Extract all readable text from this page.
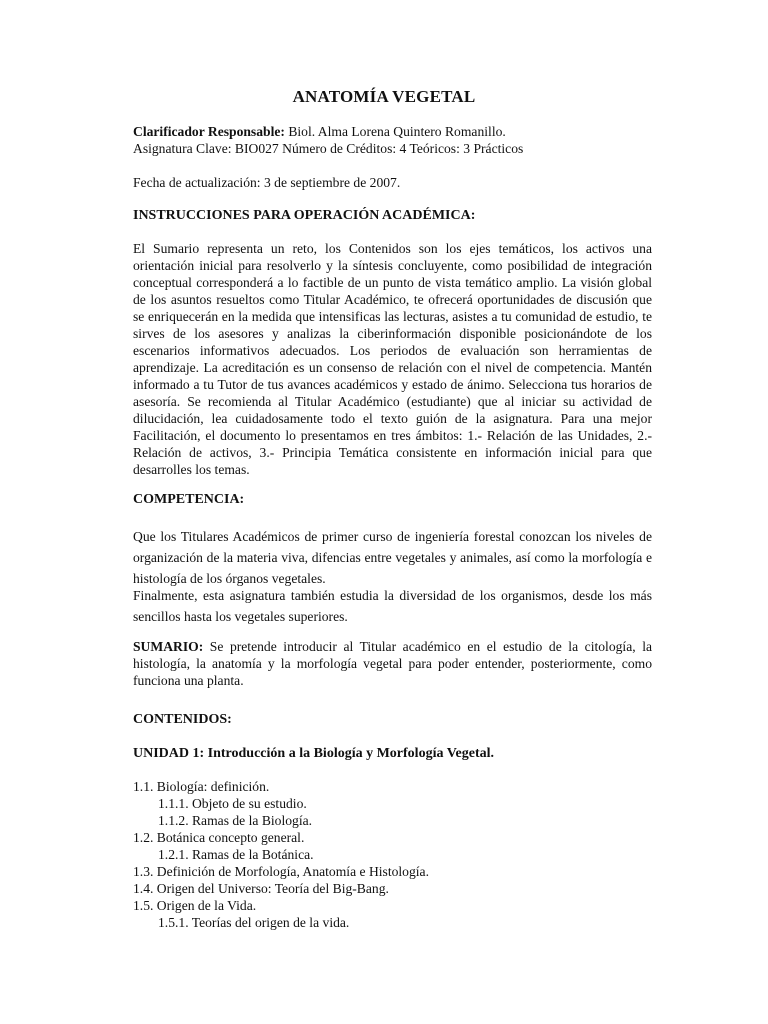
ANATOMÍA VEGETAL
Clarificador Responsable: Biol. Alma Lorena Quintero Romanillo.
Asignatura Clave: BIO027 Número de Créditos: 4 Teóricos: 3 Prácticos
Fecha de actualización: 3 de septiembre de 2007.
INSTRUCCIONES PARA OPERACIÓN ACADÉMICA:
El Sumario representa un reto, los Contenidos son los ejes temáticos, los activos una orientación inicial para resolverlo y la síntesis concluyente, como posibilidad de integración conceptual corresponderá a lo factible de un punto de vista temático amplio. La visión global de los asuntos resueltos como Titular Académico, te ofrecerá oportunidades de discusión que se enriquecerán en la medida que intensificas las lecturas, asistes a tu comunidad de estudio, te sirves de los asesores y analizas la ciberinformación disponible posicionándote de los escenarios informativos adecuados. Los periodos de evaluación son herramientas de aprendizaje. La acreditación es un consenso de relación con el nivel de competencia. Mantén informado a tu Tutor de tus avances académicos y estado de ánimo. Selecciona tus horarios de asesoría. Se recomienda al Titular Académico (estudiante) que al iniciar su actividad de dilucidación, lea cuidadosamente todo el texto guión de la asignatura. Para una mejor Facilitación, el documento lo presentamos en tres ámbitos: 1.- Relación de las Unidades, 2.- Relación de activos, 3.- Principia Temática consistente en información inicial para que desarrolles los temas.
COMPETENCIA:
Que los Titulares Académicos de primer curso de ingeniería forestal conozcan los niveles de organización de la materia viva, difencias entre vegetales y animales, así como la morfología e histología de los órganos vegetales.
Finalmente, esta asignatura también estudia la diversidad de los organismos, desde los más sencillos hasta los vegetales superiores.
SUMARIO: Se pretende introducir al Titular académico en el estudio de la citología, la histología, la anatomía y la morfología vegetal para poder entender, posteriormente, como funciona una planta.
CONTENIDOS:
UNIDAD 1: Introducción a la Biología y Morfología Vegetal.
1.1. Biología: definición.
1.1.1. Objeto de su estudio.
1.1.2. Ramas de la Biología.
1.2. Botánica concepto general.
1.2.1. Ramas de la Botánica.
1.3. Definición de Morfología, Anatomía e Histología.
1.4. Origen del Universo: Teoría del Big-Bang.
1.5. Origen de la Vida.
1.5.1. Teorías del origen de la vida.
